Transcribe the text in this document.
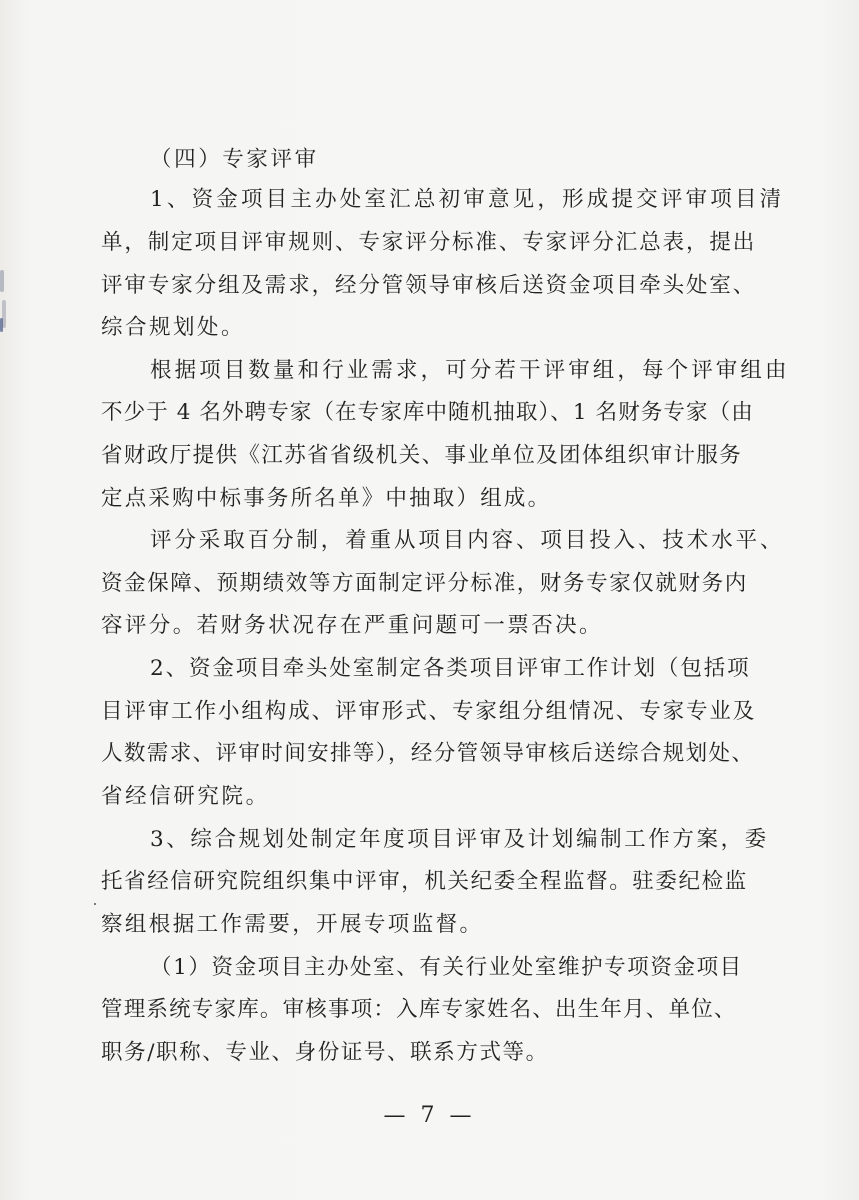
（四）专家评审
1、资金项目主办处室汇总初审意见，形成提交评审项目清
单，制定项目评审规则、专家评分标准、专家评分汇总表，提出
评审专家分组及需求，经分管领导审核后送资金项目牵头处室、
综合规划处。
根据项目数量和行业需求，可分若干评审组，每个评审组由
不少于 4 名外聘专家（在专家库中随机抽取）、1 名财务专家（由
省财政厅提供《江苏省省级机关、事业单位及团体组织审计服务
定点采购中标事务所名单》中抽取）组成。
评分采取百分制，着重从项目内容、项目投入、技术水平、
资金保障、预期绩效等方面制定评分标准，财务专家仅就财务内
容评分。若财务状况存在严重问题可一票否决。
2、资金项目牵头处室制定各类项目评审工作计划（包括项
目评审工作小组构成、评审形式、专家组分组情况、专家专业及
人数需求、评审时间安排等），经分管领导审核后送综合规划处、
省经信研究院。
3、综合规划处制定年度项目评审及计划编制工作方案，委
托省经信研究院组织集中评审，机关纪委全程监督。驻委纪检监
察组根据工作需要，开展专项监督。
（1）资金项目主办处室、有关行业处室维护专项资金项目
管理系统专家库。审核事项：入库专家姓名、出生年月、单位、
职务/职称、专业、身份证号、联系方式等。
— 7 —
